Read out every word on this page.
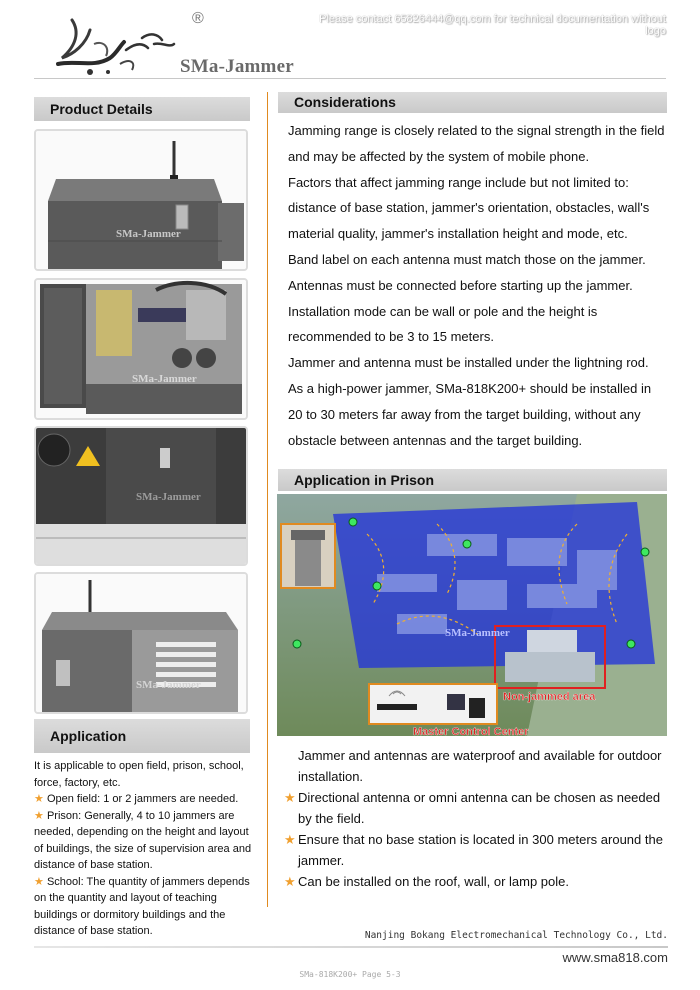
®
SMa-Jammer
Please contact 65826444@qq.com for technical documentation without logo
Product Details
SMa-Jammer
SMa-Jammer
SMa-Jammer
SMa-Jammer
Application
It is applicable to open field, prison, school, force, factory, etc.
★ Open field: 1 or 2 jammers are needed.
★ Prison: Generally, 4 to 10 jammers are needed, depending on the height and layout of buildings, the size of supervision area and distance of base station.
★ School: The quantity of jammers depends on the quantity and layout of teaching buildings or dormitory buildings and the distance of base station.
Considerations
Jamming range is closely related to the signal strength in the field
and may be affected by the system of mobile phone.
Factors that affect jamming range include but not limited to:
distance of base station, jammer's orientation, obstacles, wall's
material quality, jammer's installation height and mode, etc.
Band label on each antenna must match those on the jammer.
Antennas must be connected before starting up the jammer.
Installation mode can be wall or pole and the height is
recommended to be 3 to 15 meters.
Jammer and antenna must be installed under the lightning rod.
As a high-power jammer, SMa-818K200+ should be installed in
20 to 30 meters far away from the target building, without any
obstacle between antennas and the target building.
Application in Prison
Non-jammed area
Master Control Center
SMa-Jammer
Jammer and antennas are waterproof and available for outdoor installation.
★ Directional antenna or omni antenna can be chosen as needed by the field.
★ Ensure that no base station is located in 300 meters around the jammer.
★ Can be installed on the roof, wall, or lamp pole.
Nanjing Bokang Electromechanical Technology Co., Ltd.
www.sma818.com
SMa-818K200+ Page 5-3
